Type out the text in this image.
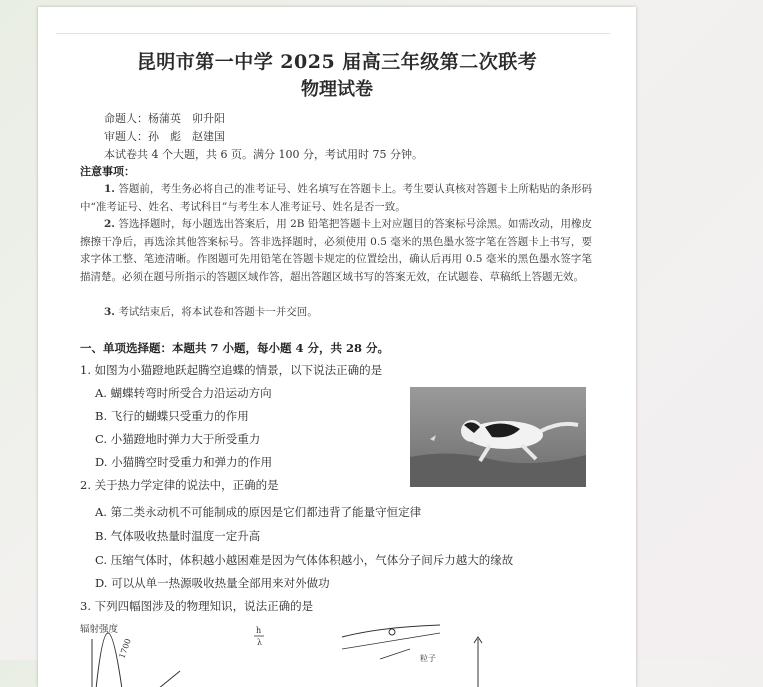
昆明市第一中学 2025 届高三年级第二次联考
物理试卷
命题人：杨蒲英　卯升阳
审题人：孙　彪　赵建国
本试卷共 4 个大题，共 6 页。满分 100 分，考试用时 75 分钟。
注意事项：
1. 答题前，考生务必将自己的准考证号、姓名填写在答题卡上。考生要认真核对答题卡上所粘贴的条形码中“准考证号、姓名、考试科目”与考生本人准考证号、姓名是否一致。
2. 答选择题时，每小题选出答案后，用 2B 铅笔把答题卡上对应题目的答案标号涂黑。如需改动，用橡皮擦擦干净后，再选涂其他答案标号。答非选择题时，必须使用 0.5 毫米的黑色墨水签字笔在答题卡上书写，要求字体工整、笔迹清晰。作图题可先用铅笔在答题卡规定的位置绘出，确认后再用 0.5 毫米的黑色墨水签字笔描清楚。必须在题号所指示的答题区域作答，超出答题区域书写的答案无效，在试题卷、草稿纸上答题无效。
3. 考试结束后，将本试卷和答题卡一并交回。
一、单项选择题：本题共 7 小题，每小题 4 分，共 28 分。
1. 如图为小猫蹬地跃起腾空追蝶的情景，以下说法正确的是
A. 蝴蝶转弯时所受合力沿运动方向
B. 飞行的蝴蝶只受重力的作用
C. 小猫蹬地时弹力大于所受重力
D. 小猫腾空时受重力和弹力的作用
2. 关于热力学定律的说法中，正确的是
A. 第二类永动机不可能制成的原因是它们都违背了能量守恒定律
B. 气体吸收热量时温度一定升高
C. 压缩气体时，体积越小越困难是因为气体体积越小，气体分子间斥力越大的缘故
D. 可以从单一热源吸收热量全部用来对外做功
3. 下列四幅图涉及的物理知识，说法正确的是
辐射强度
1700
h
λ
粒子
